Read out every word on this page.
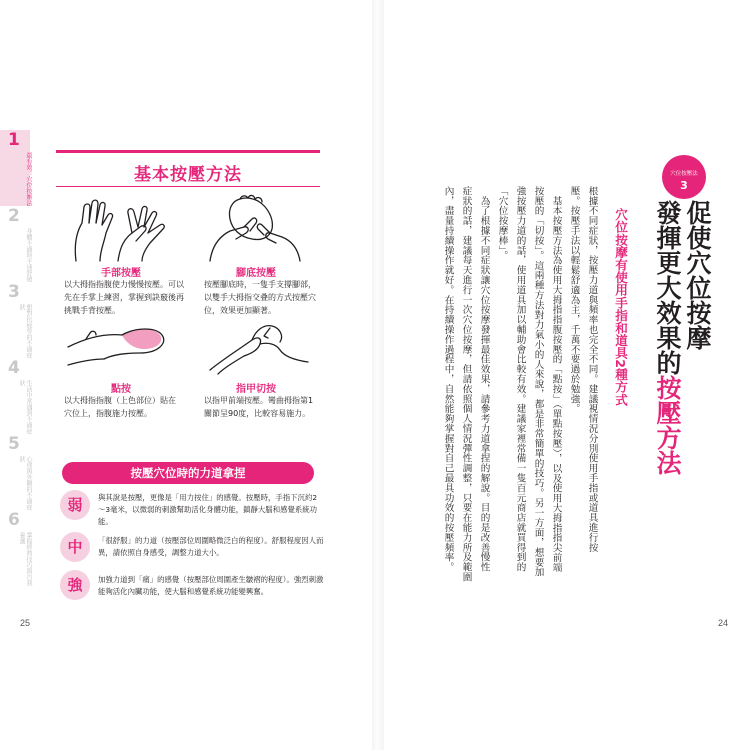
1
最有效！穴位按壓法
2
身體不適時平速舒緩
3
想對抗疲勞的不適症狀
4
生活中常遇到不適症狀
5
心理與外觀的不適症狀
6
掌握經典技巧與自我養護
基本按壓方法
手部按壓
以大拇指指腹使力慢慢按壓。可以先在手掌上練習，掌握到訣竅後再挑戰手背按壓。
腳底按壓
按壓腳底時，一隻手支撐腳部，以雙手大拇指交叠的方式按壓穴位，效果更加顯著。
點按
以大拇指指腹（上色部位）貼在穴位上，指腹施力按壓。
指甲切按
以指甲前端按壓。彎曲拇指第1關節呈90度，比較容易施力。
按壓穴位時的力道拿捏
弱	與其說是按壓，更像是「用力按住」的感覺。按壓時，手指下沉約2～3毫米，以微弱的刺激幫助活化身體功能，鎮靜大腦和感覺系統功能。
中	「很舒服」的力道（按壓部位周圍略微泛白的程度）。舒服程度因人而異，請依照自身感受，調整力道大小。
強	加強力道到「痛」的感覺（按壓部位周圍產生皺褶的程度）。強烈刺激能夠活化內臟功能，使大腦和感覺系統功能變興奮。
25
穴位按壓法
3
促使穴位按摩
發揮更大效果的按壓方法
穴位按摩有使用手指和道具2種方式
根據不同症狀，按壓力道與頻率也完全不同。建議視情況分別使用手指或道具進行按
壓。按壓手法以輕鬆舒適為主，千萬不要過於勉強。
　基本按壓方法為使用大拇指指腹按壓的「點按」（單點按壓），以及使用大拇指指尖前端
按壓的「切按」。這兩種方法對力氣小的人來說，都是非常簡單的技巧。另一方面，想要加
強按壓力道的話，使用道具加以輔助會比較有效。建議家裡常備一隻百元商店就買得到的
「穴位按摩棒」。
　為了根據不同症狀讓穴位按摩發揮最佳效果，請參考力道拿捏的解說。目的是改善慢性
症狀的話，建議每天進行一次穴位按摩，但請依照個人情況彈性調整，只要在能力所及範圍
內，盡量持續操作就好。在持續操作過程中，自然能夠掌握對自己最具功效的按壓頻率。
24
